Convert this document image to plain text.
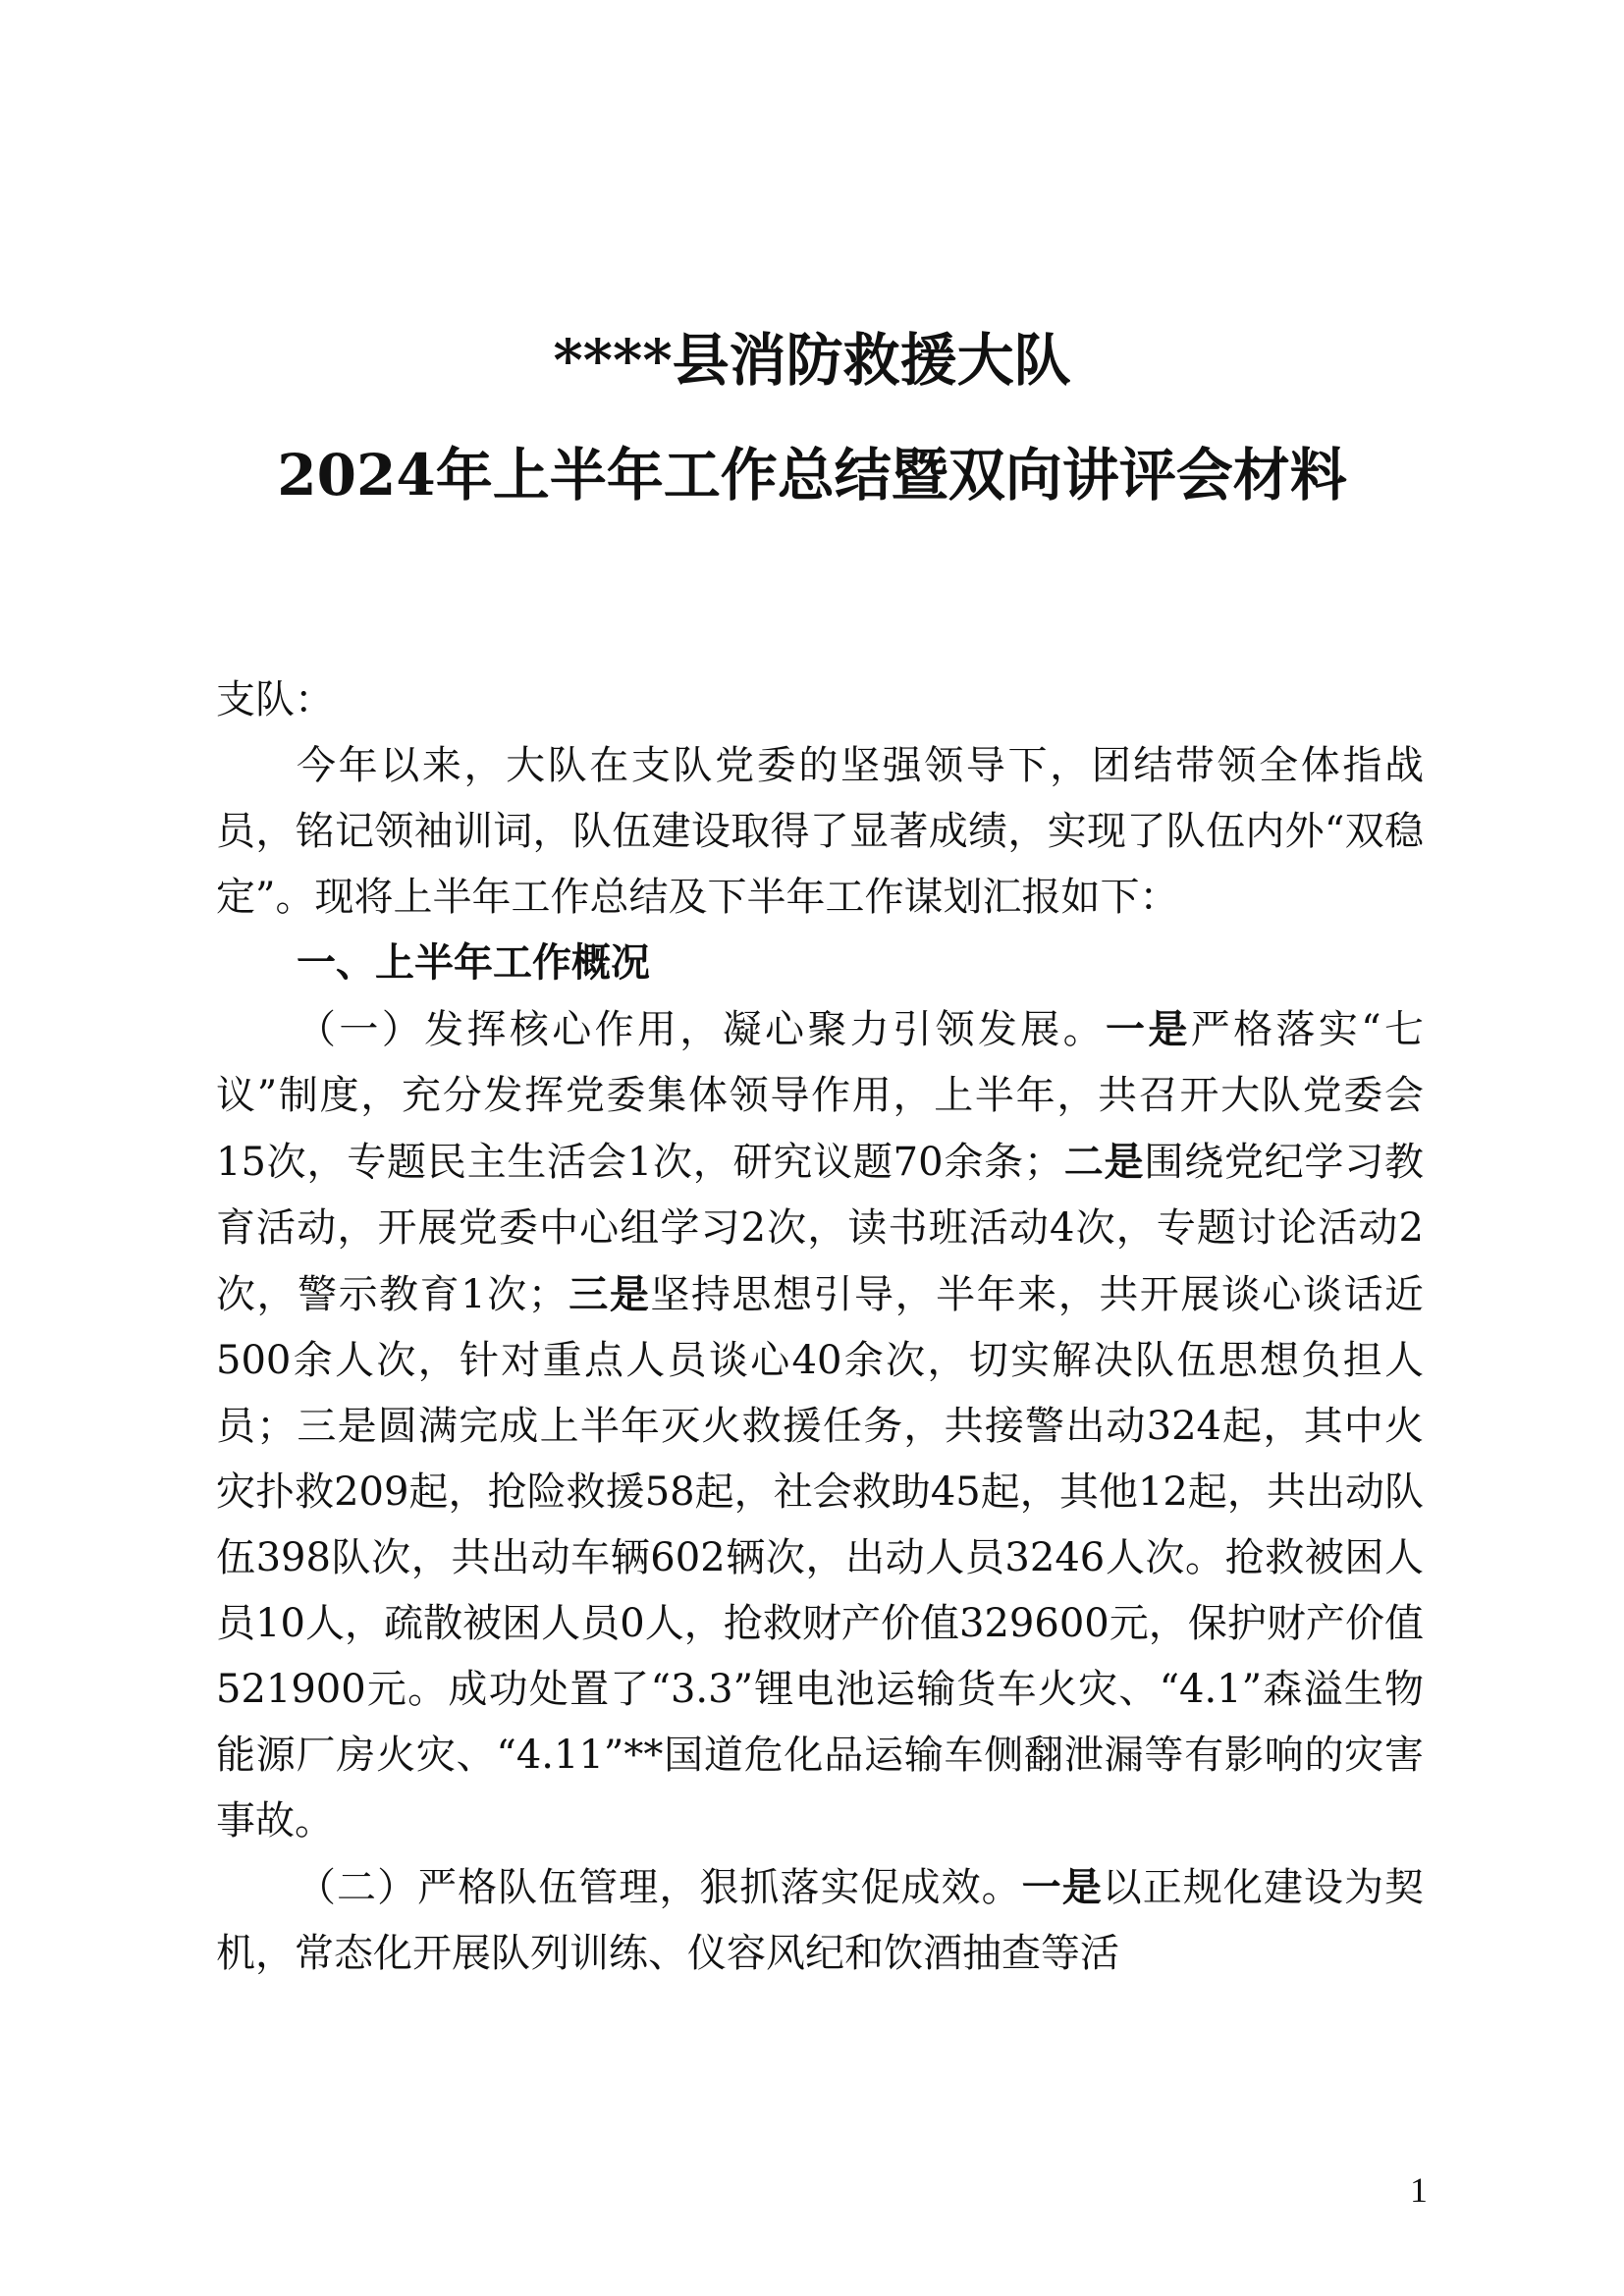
****县消防救援大队
2024年上半年工作总结暨双向讲评会材料

支队：

今年以来，大队在支队党委的坚强领导下，团结带领全体指战员，铭记领袖训词，队伍建设取得了显著成绩，实现了队伍内外“双稳定”。现将上半年工作总结及下半年工作谋划汇报如下：

一、上半年工作概况

（一）发挥核心作用，凝心聚力引领发展。一是严格落实“七议”制度，充分发挥党委集体领导作用，上半年，共召开大队党委会15次，专题民主生活会1次，研究议题70余条；二是围绕党纪学习教育活动，开展党委中心组学习2次，读书班活动4次，专题讨论活动2次，警示教育1次；三是坚持思想引导，半年来，共开展谈心谈话近500余人次，针对重点人员谈心40余次，切实解决队伍思想负担人员；三是圆满完成上半年灭火救援任务，共接警出动324起，其中火灾扑救209起，抢险救援58起，社会救助45起，其他12起，共出动队伍398队次，共出动车辆602辆次，出动人员3246人次。抢救被困人员10人，疏散被困人员0人，抢救财产价值329600元，保护财产价值521900元。成功处置了“3.3”锂电池运输货车火灾、“4.1”森溢生物能源厂房火灾、“4.11”**国道危化品运输车侧翻泄漏等有影响的灾害事故。

（二）严格队伍管理，狠抓落实促成效。一是以正规化建设为契机，常态化开展队列训练、仪容风纪和饮酒抽查等活

1
